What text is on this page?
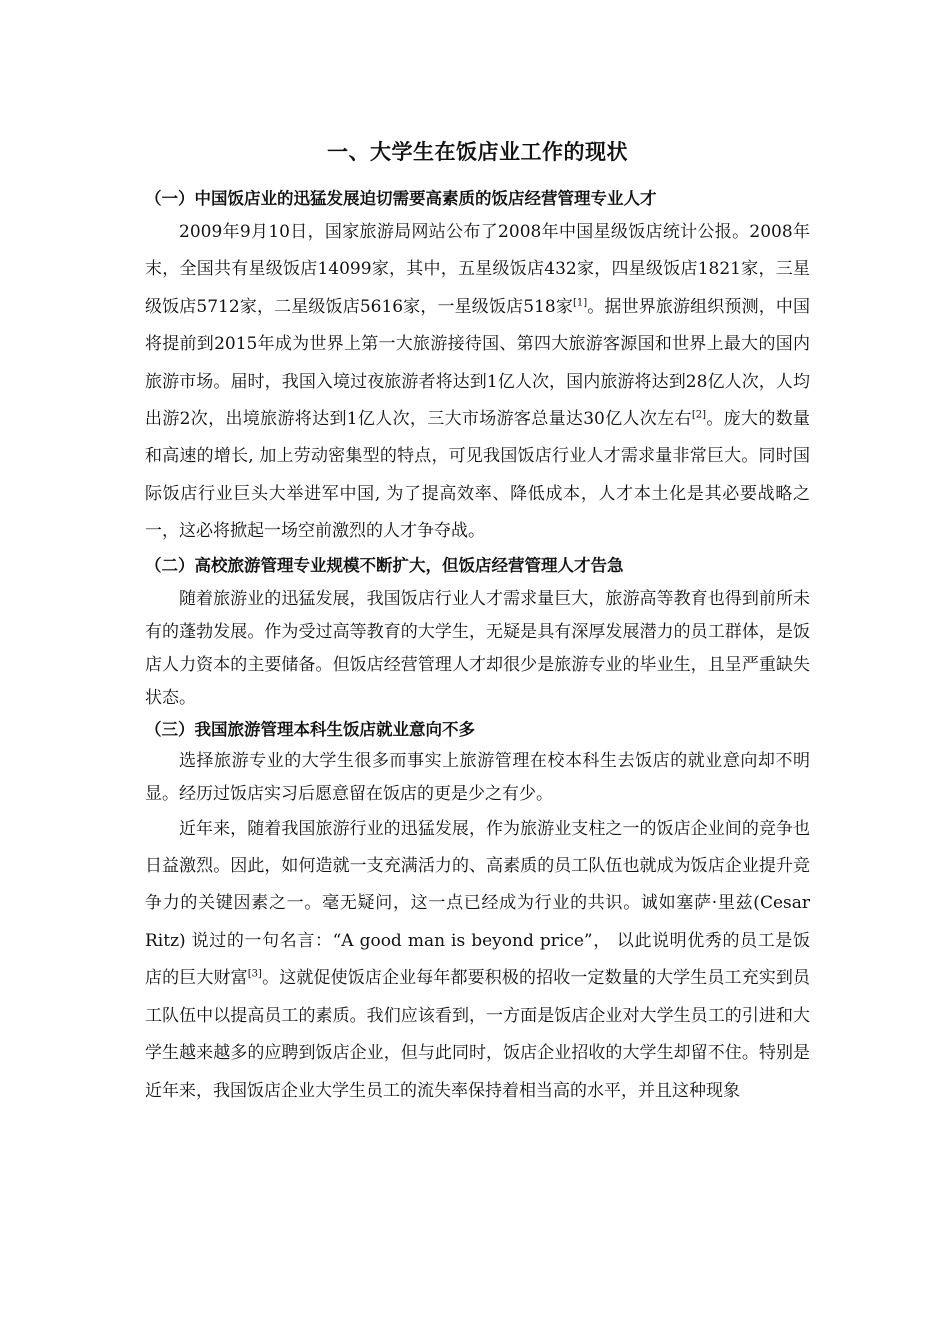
一、大学生在饭店业工作的现状
（一）中国饭店业的迅猛发展迫切需要高素质的饭店经营管理专业人才

2009年9月10日，国家旅游局网站公布了2008年中国星级饭店统计公报。2008年末，全国共有星级饭店14099家，其中，五星级饭店432家，四星级饭店1821家，三星级饭店5712家，二星级饭店5616家，一星级饭店518家[1]。据世界旅游组织预测，中国将提前到2015年成为世界上第一大旅游接待国、第四大旅游客源国和世界上最大的国内旅游市场。届时，我国入境过夜旅游者将达到1亿人次，国内旅游将达到28亿人次，人均出游2次，出境旅游将达到1亿人次，三大市场游客总量达30亿人次左右[2]。庞大的数量和高速的增长, 加上劳动密集型的特点，可见我国饭店行业人才需求量非常巨大。同时国际饭店行业巨头大举进军中国, 为了提高效率、降低成本，人才本土化是其必要战略之一，这必将掀起一场空前激烈的人才争夺战。

（二）高校旅游管理专业规模不断扩大，但饭店经营管理人才告急

随着旅游业的迅猛发展，我国饭店行业人才需求量巨大，旅游高等教育也得到前所未有的蓬勃发展。作为受过高等教育的大学生，无疑是具有深厚发展潜力的员工群体，是饭店人力资本的主要储备。但饭店经营管理人才却很少是旅游专业的毕业生，且呈严重缺失状态。

（三）我国旅游管理本科生饭店就业意向不多

选择旅游专业的大学生很多而事实上旅游管理在校本科生去饭店的就业意向却不明显。经历过饭店实习后愿意留在饭店的更是少之有少。

近年来，随着我国旅游行业的迅猛发展，作为旅游业支柱之一的饭店企业间的竞争也日益激烈。因此，如何造就一支充满活力的、高素质的员工队伍也就成为饭店企业提升竞争力的关键因素之一。毫无疑问，这一点已经成为行业的共识。诚如塞萨·里兹(Cesar Ritz) 说过的一句名言：“A good man is beyond price”， 以此说明优秀的员工是饭店的巨大财富[3]。这就促使饭店企业每年都要积极的招收一定数量的大学生员工充实到员工队伍中以提高员工的素质。我们应该看到，一方面是饭店企业对大学生员工的引进和大学生越来越多的应聘到饭店企业，但与此同时，饭店企业招收的大学生却留不住。特别是近年来，我国饭店企业大学生员工的流失率保持着相当高的水平，并且这种现象
